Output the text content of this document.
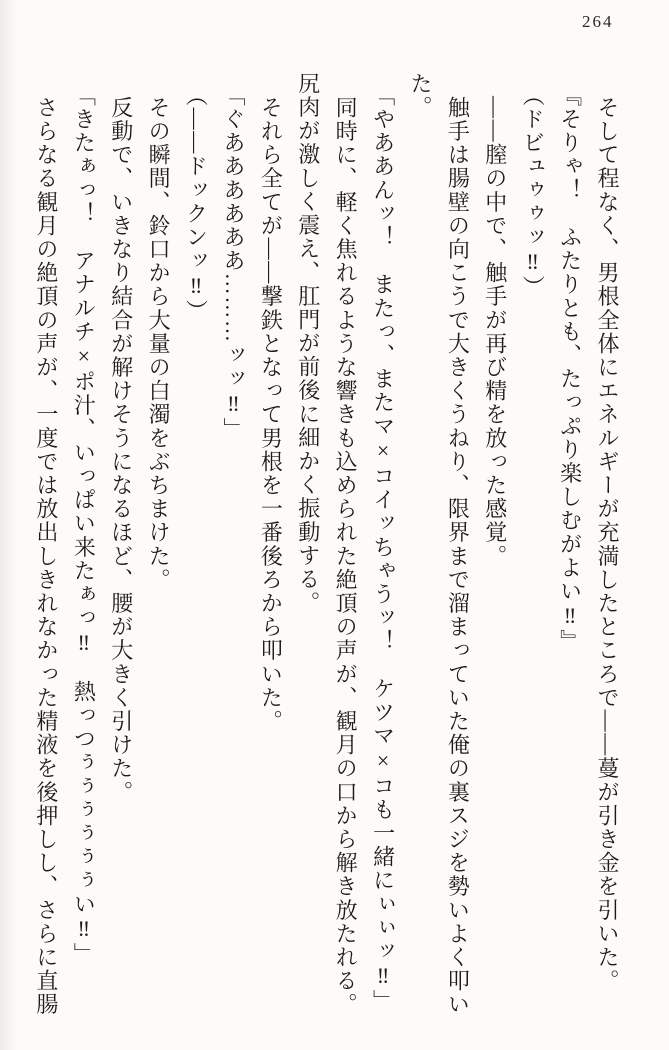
264
そして程なく、男根全体にエネルギーが充満したところで――蔓が引き金を引いた。
『そりゃ！　ふたりとも、たっぷり楽しむがよい‼』
（ドビュゥゥッ‼）
――膣の中で、触手が再び精を放った感覚。
触手は腸壁の向こうで大きくうねり、限界まで溜まっていた俺の裏スジを勢いよく叩い
た。
「やああんッ！　またっ、またマ×コイッちゃうッ！　ケツマ×コも一緒にぃぃッ‼」
同時に、軽く焦れるような響きも込められた絶頂の声が、観月の口から解き放たれる。
尻肉が激しく震え、肛門が前後に細かく振動する。
それら全てが――撃鉄となって男根を一番後ろから叩いた。
「ぐああああああ………ッッ‼」
（――ドックンッ‼）
その瞬間、鈴口から大量の白濁をぶちまけた。
反動で、いきなり結合が解けそうになるほど、腰が大きく引けた。
「きたぁっ！　アナルチ×ポ汁、いっぱい来たぁっ‼　熱っつぅぅぅぅぅぅい‼」
さらなる観月の絶頂の声が、一度では放出しきれなかった精液を後押しし、さらに直腸
